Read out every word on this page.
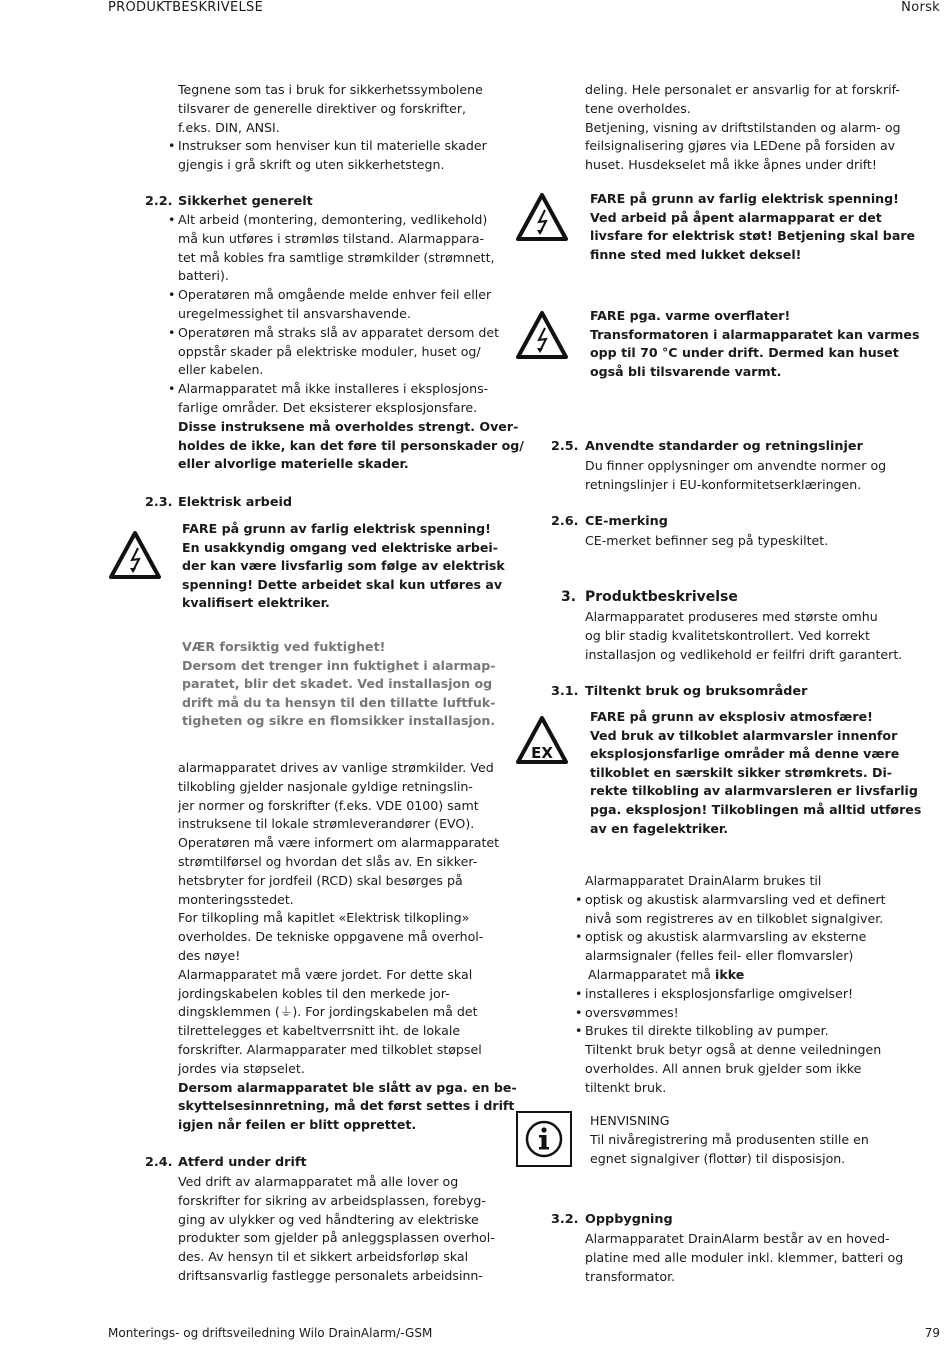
PRODUKTBESKRIVELSE	Norsk
Tegnene som tas i bruk for sikkerhetssymbolene
tilsvarer de generelle direktiver og forskrifter,
f.eks. DIN, ANSI.
• Instrukser som henviser kun til materielle skader
gjengis i grå skrift og uten sikkerhetstegn.
2.2. Sikkerhet generelt
• Alt arbeid (montering, demontering, vedlikehold)
må kun utføres i strømløs tilstand. Alarmappara-
tet må kobles fra samtlige strømkilder (strømnett,
batteri).
• Operatøren må omgående melde enhver feil eller
uregelmessighet til ansvarshavende.
• Operatøren må straks slå av apparatet dersom det
oppstår skader på elektriske moduler, huset og/
eller kabelen.
• Alarmapparatet må ikke installeres i eksplosjons-
farlige områder. Det eksisterer eksplosjonsfare.
Disse instruksene må overholdes strengt. Over-
holdes de ikke, kan det føre til personskader og/
eller alvorlige materielle skader.
2.3. Elektrisk arbeid
FARE på grunn av farlig elektrisk spenning!
En usakkyndig omgang ved elektriske arbei-
der kan være livsfarlig som følge av elektrisk
spenning! Dette arbeidet skal kun utføres av
kvalifisert elektriker.
VÆR forsiktig ved fuktighet!
Dersom det trenger inn fuktighet i alarmap-
paratet, blir det skadet. Ved installasjon og
drift må du ta hensyn til den tillatte luftfuk-
tigheten og sikre en flomsikker installasjon.
alarmapparatet drives av vanlige strømkilder. Ved
tilkobling gjelder nasjonale gyldige retningslin-
jer normer og forskrifter (f.eks. VDE 0100) samt
instruksene til lokale strømleverandører (EVO).
Operatøren må være informert om alarmapparatet
strømtilførsel og hvordan det slås av. En sikker-
hetsbryter for jordfeil (RCD) skal besørges på
monteringsstedet.
For tilkopling må kapitlet «Elektrisk tilkopling»
overholdes. De tekniske oppgavene må overhol-
des nøye!
Alarmapparatet må være jordet. For dette skal
jordingskabelen kobles til den merkede jor-
dingsklemmen (⏚). For jordingskabelen må det
tilrettelegges et kabeltverrsnitt iht. de lokale
forskrifter. Alarmapparater med tilkoblet støpsel
jordes via støpselet.
Dersom alarmapparatet ble slått av pga. en be-
skyttelsesinnretning, må det først settes i drift
igjen når feilen er blitt opprettet.
2.4. Atferd under drift
Ved drift av alarmapparatet må alle lover og
forskrifter for sikring av arbeidsplassen, forebyg-
ging av ulykker og ved håndtering av elektriske
produkter som gjelder på anleggsplassen overhol-
des. Av hensyn til et sikkert arbeidsforløp skal
driftsansvarlig fastlegge personalets arbeidsinn-
deling. Hele personalet er ansvarlig for at forskrif-
tene overholdes.
Betjening, visning av driftstilstanden og alarm- og
feilsignalisering gjøres via LEDene på forsiden av
huset. Husdekselet må ikke åpnes under drift!
FARE på grunn av farlig elektrisk spenning!
Ved arbeid på åpent alarmapparat er det
livsfare for elektrisk støt! Betjening skal bare
finne sted med lukket deksel!
FARE pga. varme overflater!
Transformatoren i alarmapparatet kan varmes
opp til 70 °C under drift. Dermed kan huset
også bli tilsvarende varmt.
2.5. Anvendte standarder og retningslinjer
Du finner opplysninger om anvendte normer og
retningslinjer i EU-konformitetserklæringen.
2.6. CE-merking
CE-merket befinner seg på typeskiltet.
3. Produktbeskrivelse
Alarmapparatet produseres med største omhu
og blir stadig kvalitetskontrollert. Ved korrekt
installasjon og vedlikehold er feilfri drift garantert.
3.1. Tiltenkt bruk og bruksområder
EX
FARE på grunn av eksplosiv atmosfære!
Ved bruk av tilkoblet alarmvarsler innenfor
eksplosjonsfarlige områder må denne være
tilkoblet en særskilt sikker strømkrets. Di-
rekte tilkobling av alarmvarsleren er livsfarlig
pga. eksplosjon! Tilkoblingen må alltid utføres
av en fagelektriker.
Alarmapparatet DrainAlarm brukes til
• optisk og akustisk alarmvarsling ved et definert
nivå som registreres av en tilkoblet signalgiver.
• optisk og akustisk alarmvarsling av eksterne
alarmsignaler (felles feil- eller flomvarsler)
Alarmapparatet må ikke
• installeres i eksplosjonsfarlige omgivelser!
• oversvømmes!
• Brukes til direkte tilkobling av pumper.
Tiltenkt bruk betyr også at denne veiledningen
overholdes. All annen bruk gjelder som ikke
tiltenkt bruk.
HENVISNING
Til nivåregistrering må produsenten stille en
egnet signalgiver (flottør) til disposisjon.
3.2. Oppbygning
Alarmapparatet DrainAlarm består av en hoved-
platine med alle moduler inkl. klemmer, batteri og
transformator.
Monterings- og driftsveiledning Wilo DrainAlarm/-GSM	79
